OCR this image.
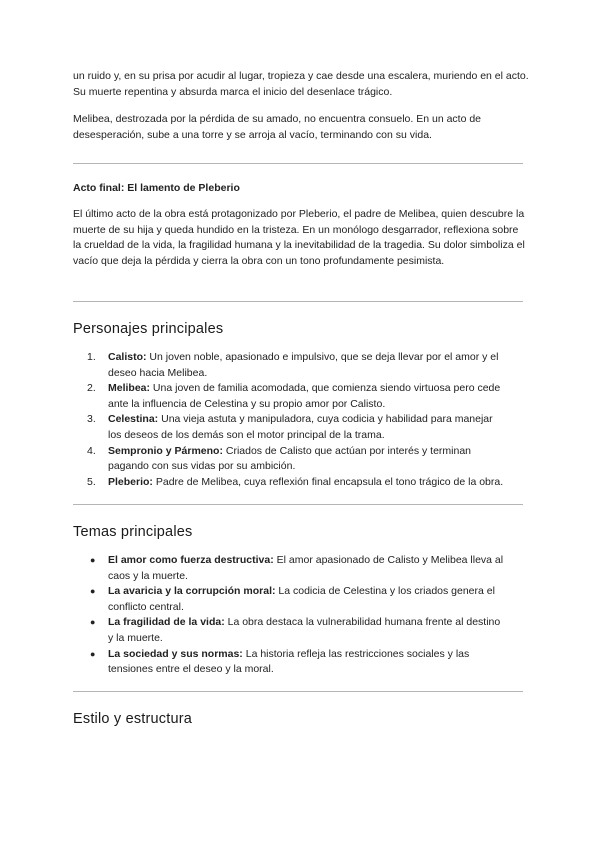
un ruido y, en su prisa por acudir al lugar, tropieza y cae desde una escalera, muriendo en el acto. Su muerte repentina y absurda marca el inicio del desenlace trágico.

Melibea, destrozada por la pérdida de su amado, no encuentra consuelo. En un acto de desesperación, sube a una torre y se arroja al vacío, terminando con su vida.

Acto final: El lamento de Pleberio

El último acto de la obra está protagonizado por Pleberio, el padre de Melibea, quien descubre la muerte de su hija y queda hundido en la tristeza. En un monólogo desgarrador, reflexiona sobre la crueldad de la vida, la fragilidad humana y la inevitabilidad de la tragedia. Su dolor simboliza el vacío que deja la pérdida y cierra la obra con un tono profundamente pesimista.

Personajes principales
1. Calisto: Un joven noble, apasionado e impulsivo, que se deja llevar por el amor y el deseo hacia Melibea.
2. Melibea: Una joven de familia acomodada, que comienza siendo virtuosa pero cede ante la influencia de Celestina y su propio amor por Calisto.
3. Celestina: Una vieja astuta y manipuladora, cuya codicia y habilidad para manejar los deseos de los demás son el motor principal de la trama.
4. Sempronio y Pármeno: Criados de Calisto que actúan por interés y terminan pagando con sus vidas por su ambición.
5. Pleberio: Padre de Melibea, cuya reflexión final encapsula el tono trágico de la obra.
Temas principales
● El amor como fuerza destructiva: El amor apasionado de Calisto y Melibea lleva al caos y la muerte.
● La avaricia y la corrupción moral: La codicia de Celestina y los criados genera el conflicto central.
● La fragilidad de la vida: La obra destaca la vulnerabilidad humana frente al destino y la muerte.
● La sociedad y sus normas: La historia refleja las restricciones sociales y las tensiones entre el deseo y la moral.
Estilo y estructura
